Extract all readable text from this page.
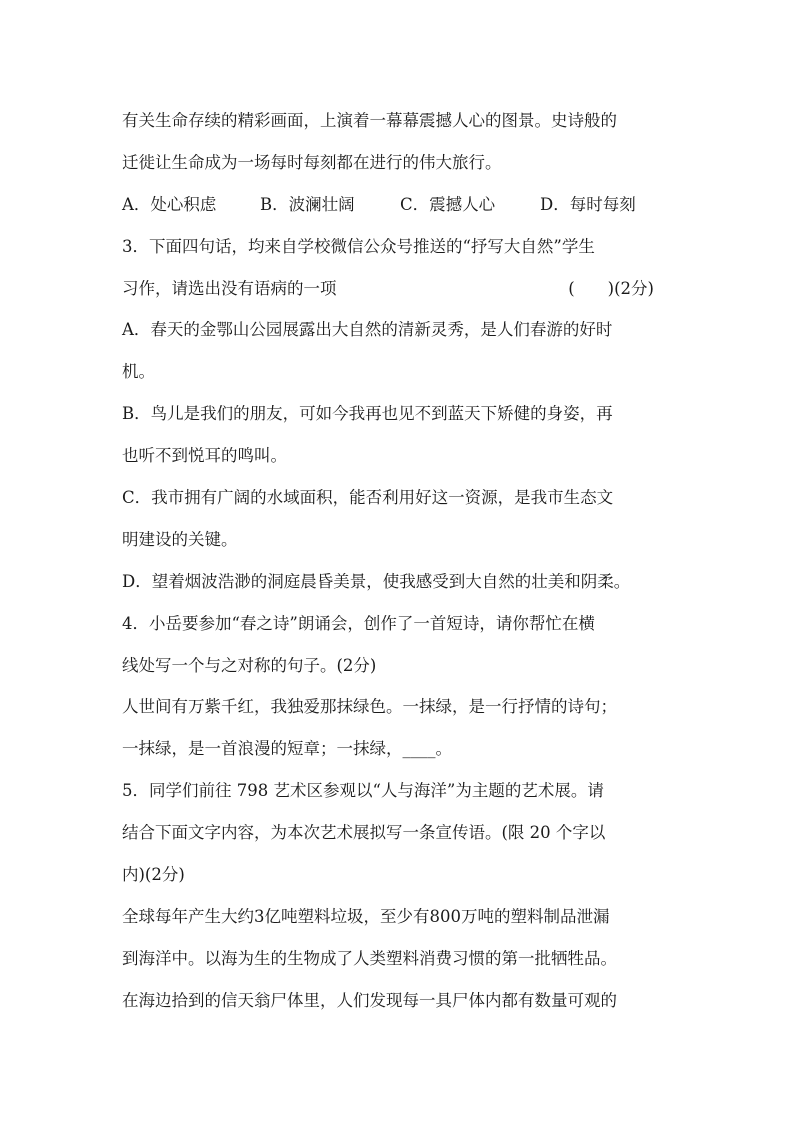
有关生命存续的精彩画面，上演着一幕幕震撼人心的图景。史诗般的
迁徙让生命成为一场每时每刻都在进行的伟大旅行。
A．处心积虑	B．波澜壮阔	C．震撼人心	D．每时每刻
3．下面四句话，均来自学校微信公众号推送的“抒写大自然”学生
习作，请选出没有语病的一项	(　　)(2分)
A．春天的金鄂山公园展露出大自然的清新灵秀，是人们春游的好时
机。
B．鸟儿是我们的朋友，可如今我再也见不到蓝天下矫健的身姿，再
也听不到悦耳的鸣叫。
C．我市拥有广阔的水域面积，能否利用好这一资源，是我市生态文
明建设的关键。
D．望着烟波浩渺的洞庭晨昏美景，使我感受到大自然的壮美和阴柔。
4．小岳要参加“春之诗”朗诵会，创作了一首短诗，请你帮忙在横
线处写一个与之对称的句子。(2分)
人世间有万紫千红，我独爱那抹绿色。一抹绿，是一行抒情的诗句；
一抹绿，是一首浪漫的短章；一抹绿，____。
5．同学们前往 798 艺术区参观以“人与海洋”为主题的艺术展。请
结合下面文字内容，为本次艺术展拟写一条宣传语。(限 20 个字以
内)(2分)
全球每年产生大约3亿吨塑料垃圾，至少有800万吨的塑料制品泄漏
到海洋中。以海为生的生物成了人类塑料消费习惯的第一批牺牲品。
在海边拾到的信天翁尸体里，人们发现每一具尸体内都有数量可观的
